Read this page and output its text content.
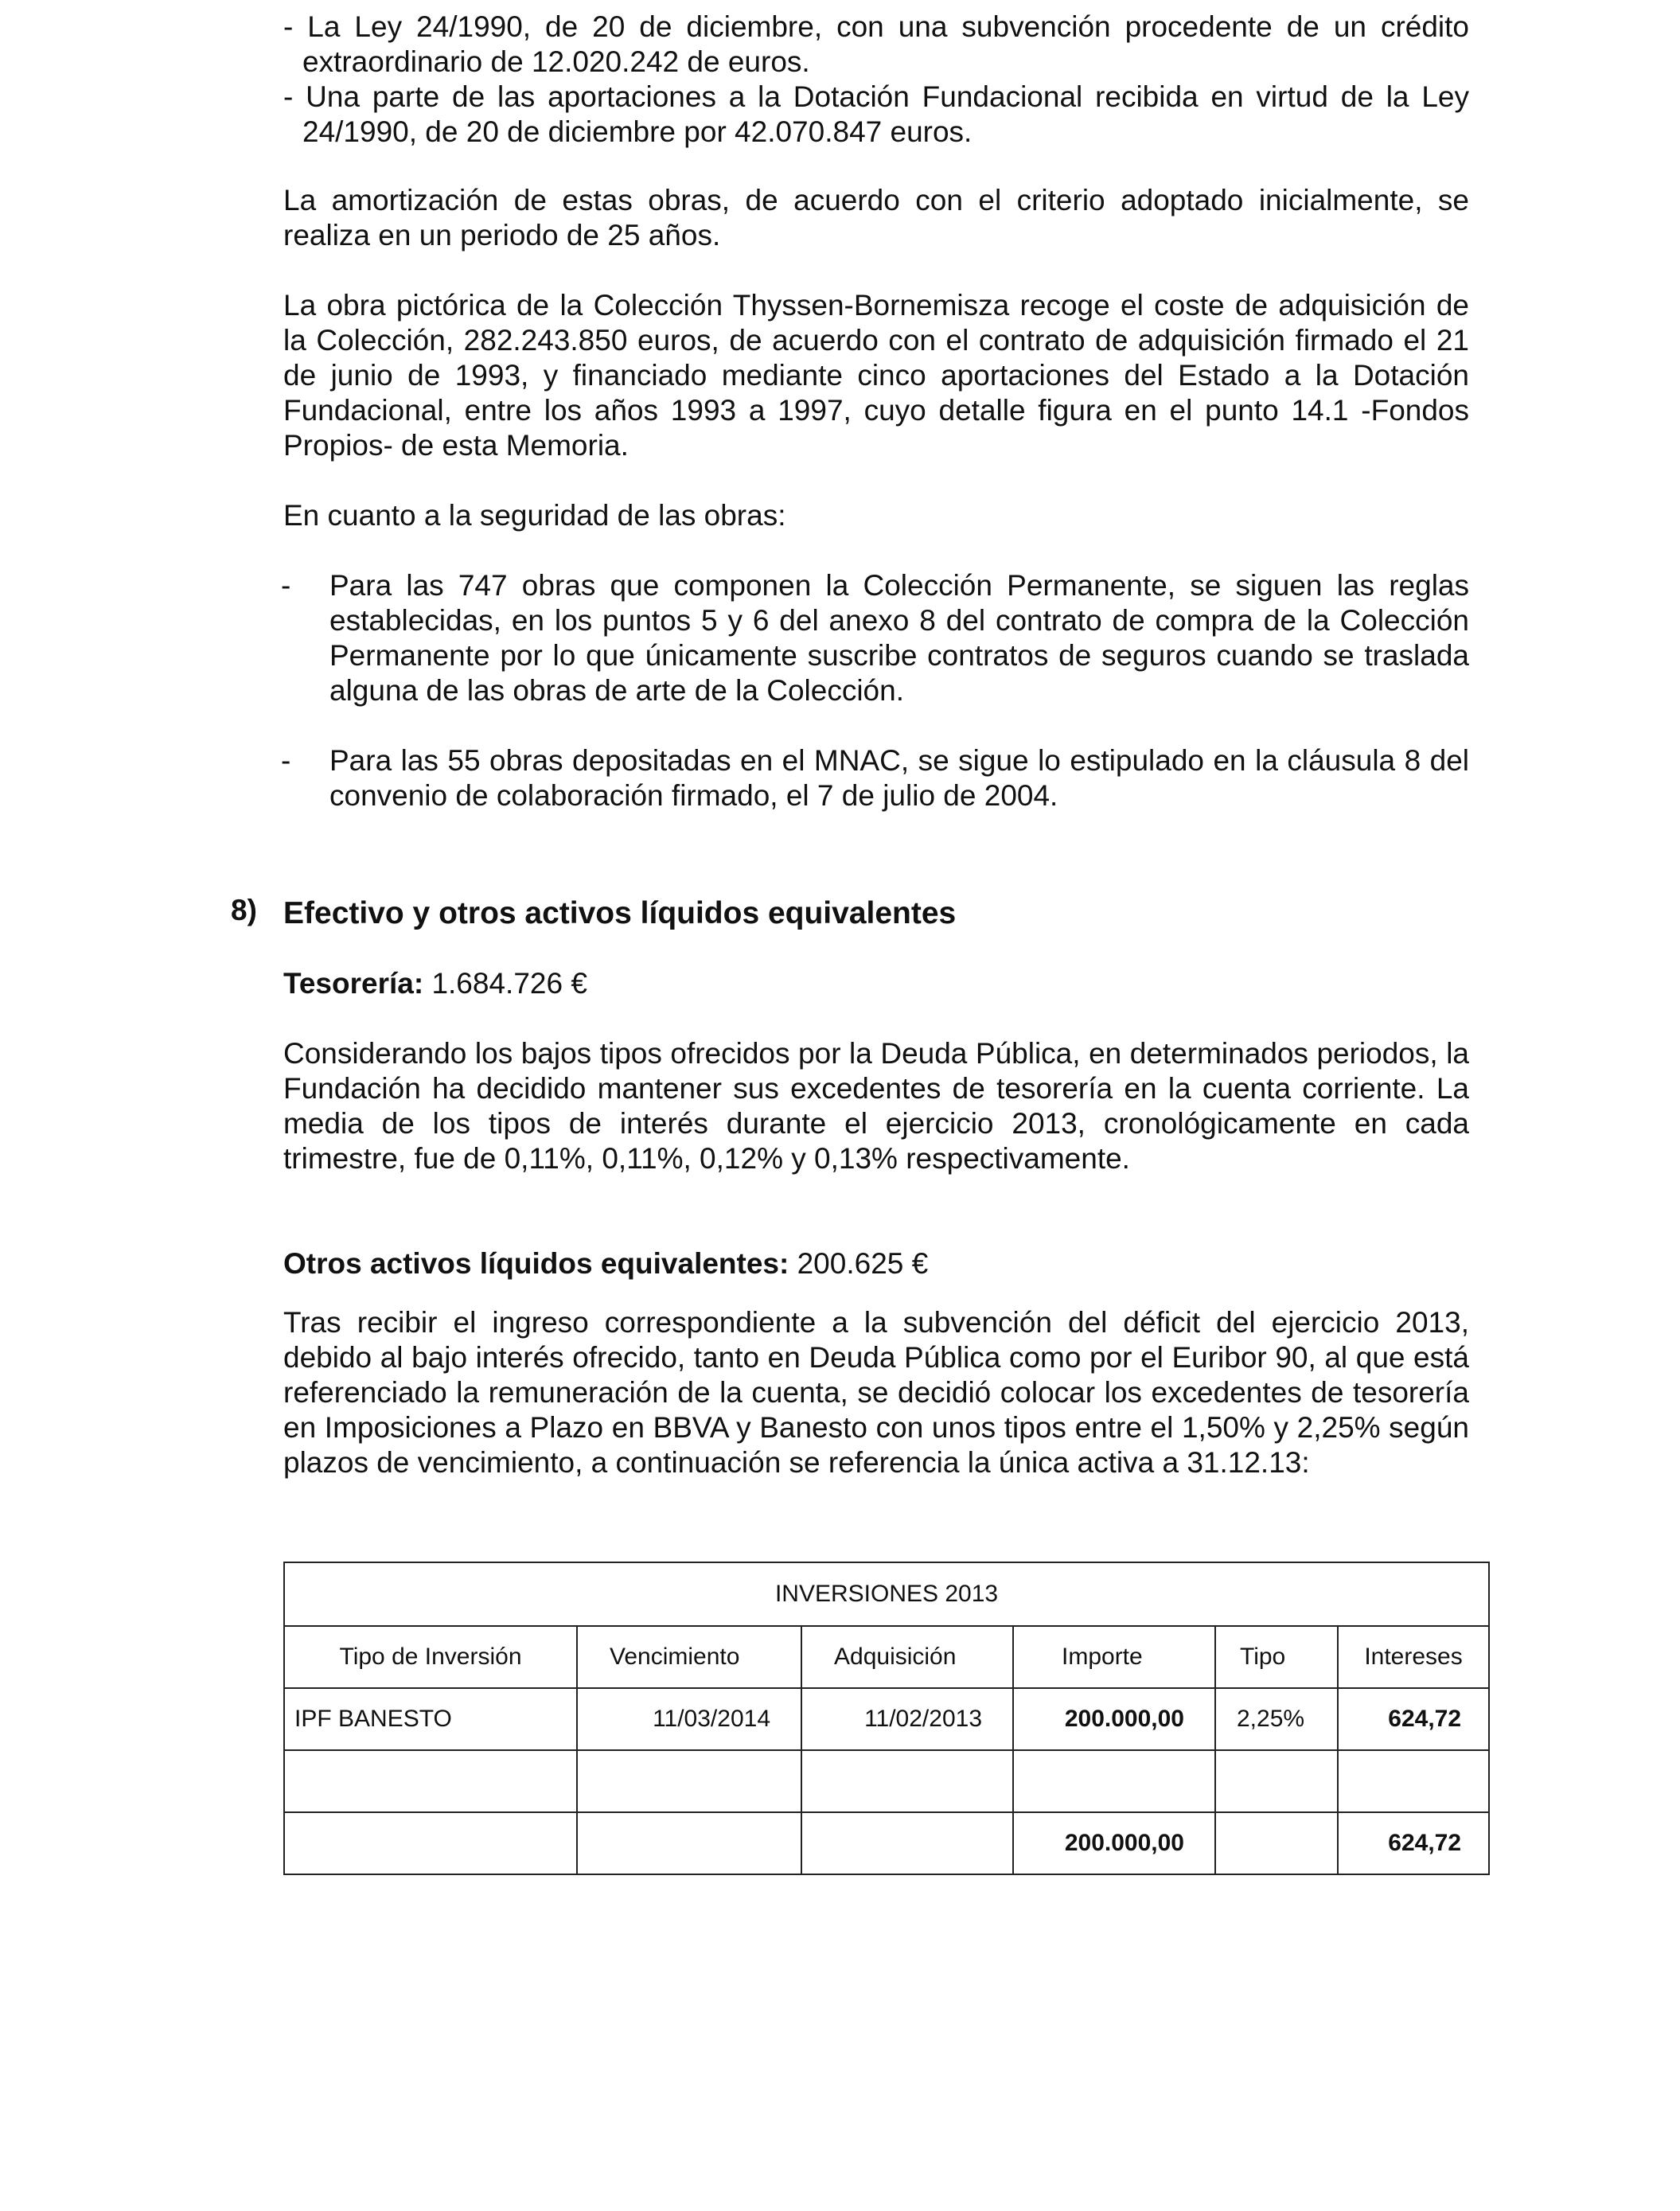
- La Ley 24/1990, de 20 de diciembre, con una subvención procedente de un crédito

extraordinario de 12.020.242 de euros.

- Una parte de las aportaciones a la Dotación Fundacional recibida en virtud de la Ley

24/1990, de 20 de diciembre por 42.070.847 euros.

La amortización de estas obras, de acuerdo con el criterio adoptado inicialmente, se realiza en un periodo de 25 años.

La obra pictórica de la Colección Thyssen-Bornemisza recoge el coste de adquisición de la Colección, 282.243.850 euros, de acuerdo con el contrato de adquisición firmado el 21 de junio de 1993, y financiado mediante cinco aportaciones del Estado a la Dotación Fundacional, entre los años 1993 a 1997, cuyo detalle figura en el punto 14.1 -Fondos Propios- de esta Memoria.

En cuanto a la seguridad de las obras:

- Para las 747 obras que componen la Colección Permanente, se siguen las reglas establecidas, en los puntos 5 y 6 del anexo 8 del contrato de compra de la Colección Permanente por lo que únicamente suscribe contratos de seguros cuando se traslada alguna de las obras de arte de la Colección.

- Para las 55 obras depositadas en el MNAC, se sigue lo estipulado en la cláusula 8 del convenio de colaboración firmado, el 7 de julio de 2004.

8) Efectivo y otros activos líquidos equivalentes
Tesorería: 1.684.726 €

Considerando los bajos tipos ofrecidos por la Deuda Pública, en determinados periodos, la Fundación ha decidido mantener sus excedentes de tesorería en la cuenta corriente. La media de los tipos de interés durante el ejercicio 2013, cronológicamente en cada trimestre, fue de 0,11%, 0,11%, 0,12% y 0,13% respectivamente.

Otros activos líquidos equivalentes: 200.625 €

Tras recibir el ingreso correspondiente a la subvención del déficit del ejercicio 2013, debido al bajo interés ofrecido, tanto en Deuda Pública como por el Euribor 90, al que está referenciado la remuneración de la cuenta, se decidió colocar los excedentes de tesorería en Imposiciones a Plazo en BBVA y Banesto con unos tipos entre el 1,50% y 2,25% según plazos de vencimiento, a continuación se referencia la única activa a 31.12.13:

INVERSIONES 2013					
Tipo de Inversión	Vencimiento	Adquisición	Importe	Tipo	Intereses
IPF BANESTO	11/03/2014	11/02/2013	200.000,00	2,25%	624,72

			200.000,00		624,72
